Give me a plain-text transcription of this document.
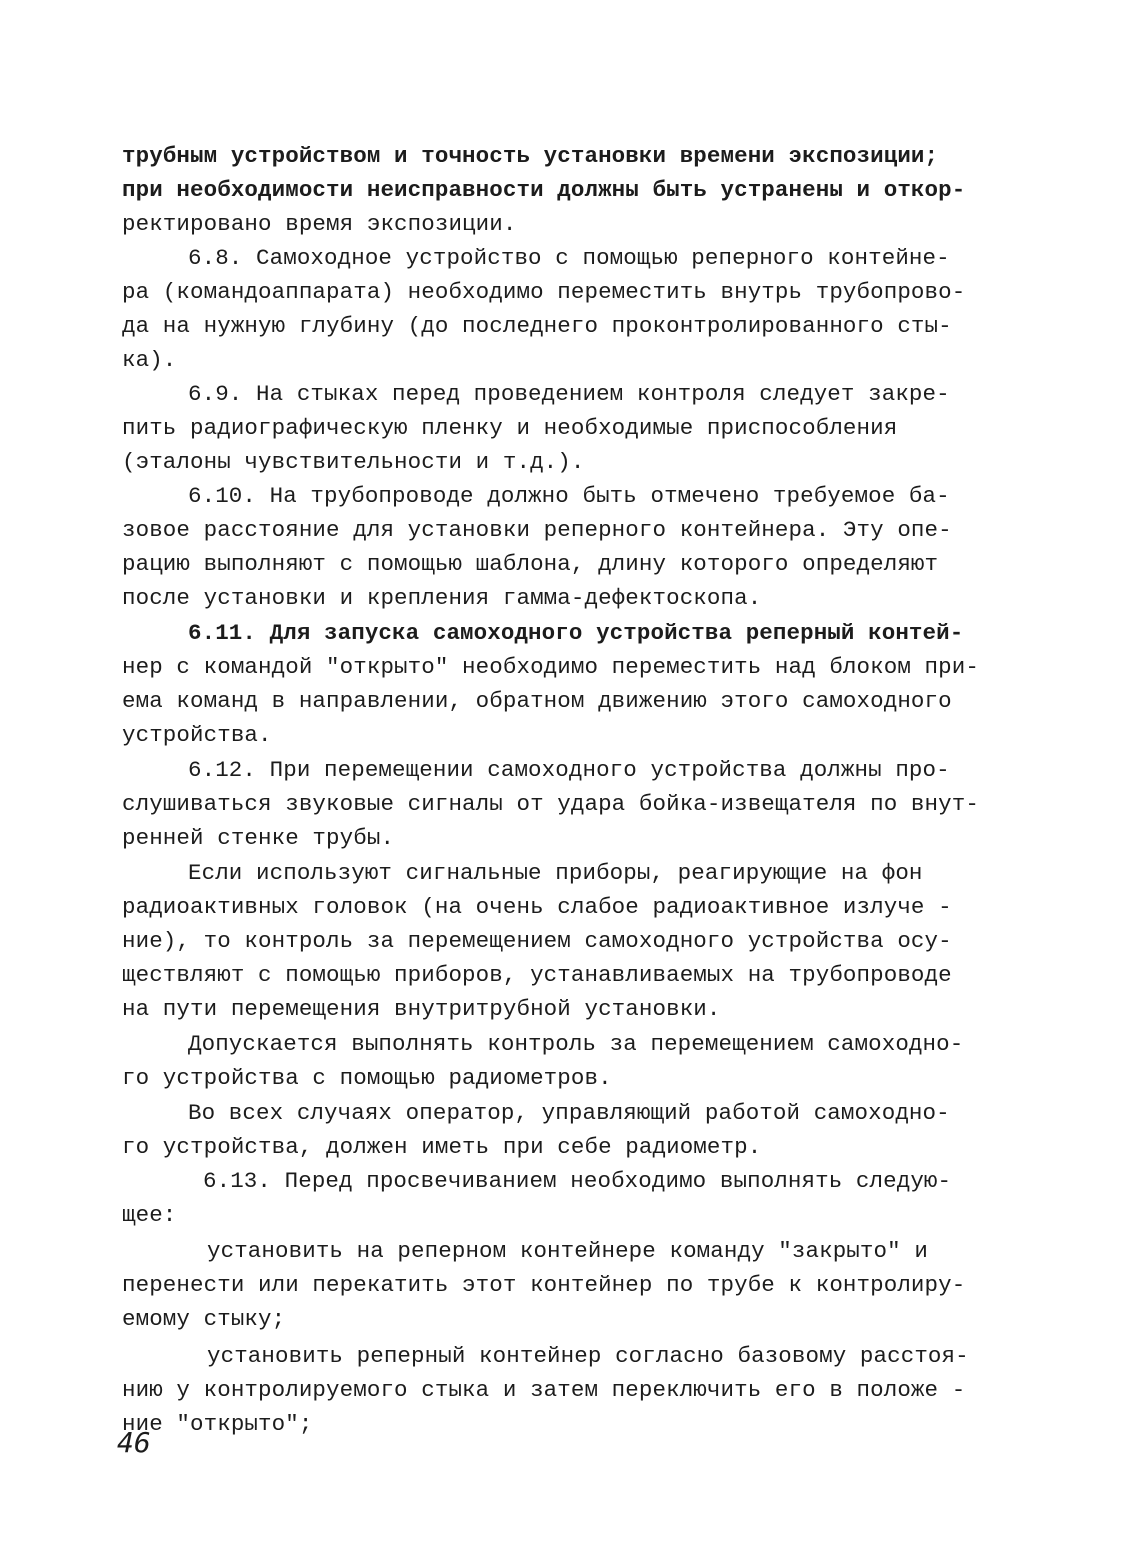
трубным устройством и точность установки времени экспозиции;
при необходимости неисправности должны быть устранены и откор-
ректировано время экспозиции.
6.8. Самоходное устройство с помощью реперного контейне-
ра (командоаппарата) необходимо переместить внутрь трубопрово-
да на нужную глубину (до последнего проконтролированного сты-
ка).
6.9. На стыках перед проведением контроля следует закре-
пить радиографическую пленку и необходимые приспособления
(эталоны чувствительности и т.д.).
6.10. На трубопроводе должно быть отмечено требуемое ба-
зовое расстояние для установки реперного контейнера. Эту опе-
рацию выполняют с помощью шаблона, длину которого определяют
после установки и крепления гамма-дефектоскопа.
6.11. Для запуска самоходного устройства реперный контей-
нер с командой "открыто" необходимо переместить над блоком при-
ема команд в направлении, обратном движению этого самоходного
устройства.
6.12. При перемещении самоходного устройства должны про-
слушиваться звуковые сигналы от удара бойка-извещателя по внут-
ренней стенке трубы.
Если используют сигнальные приборы, реагирующие на фон
радиоактивных головок (на очень слабое радиоактивное излуче -
ние), то контроль за перемещением самоходного устройства осу-
ществляют с помощью приборов, устанавливаемых на трубопроводе
на пути перемещения внутритрубной установки.
Допускается выполнять контроль за перемещением самоходно-
го устройства с помощью радиометров.
Во всех случаях оператор, управляющий работой самоходно-
го устройства, должен иметь при себе радиометр.
6.13. Перед просвечиванием необходимо выполнять следую-
щее:
установить на реперном контейнере команду "закрыто" и
перенести или перекатить этот контейнер по трубе к контролиру-
емому стыку;
установить реперный контейнер согласно базовому расстоя-
нию у контролируемого стыка и затем переключить его в положе -
ние "открыто";
46
